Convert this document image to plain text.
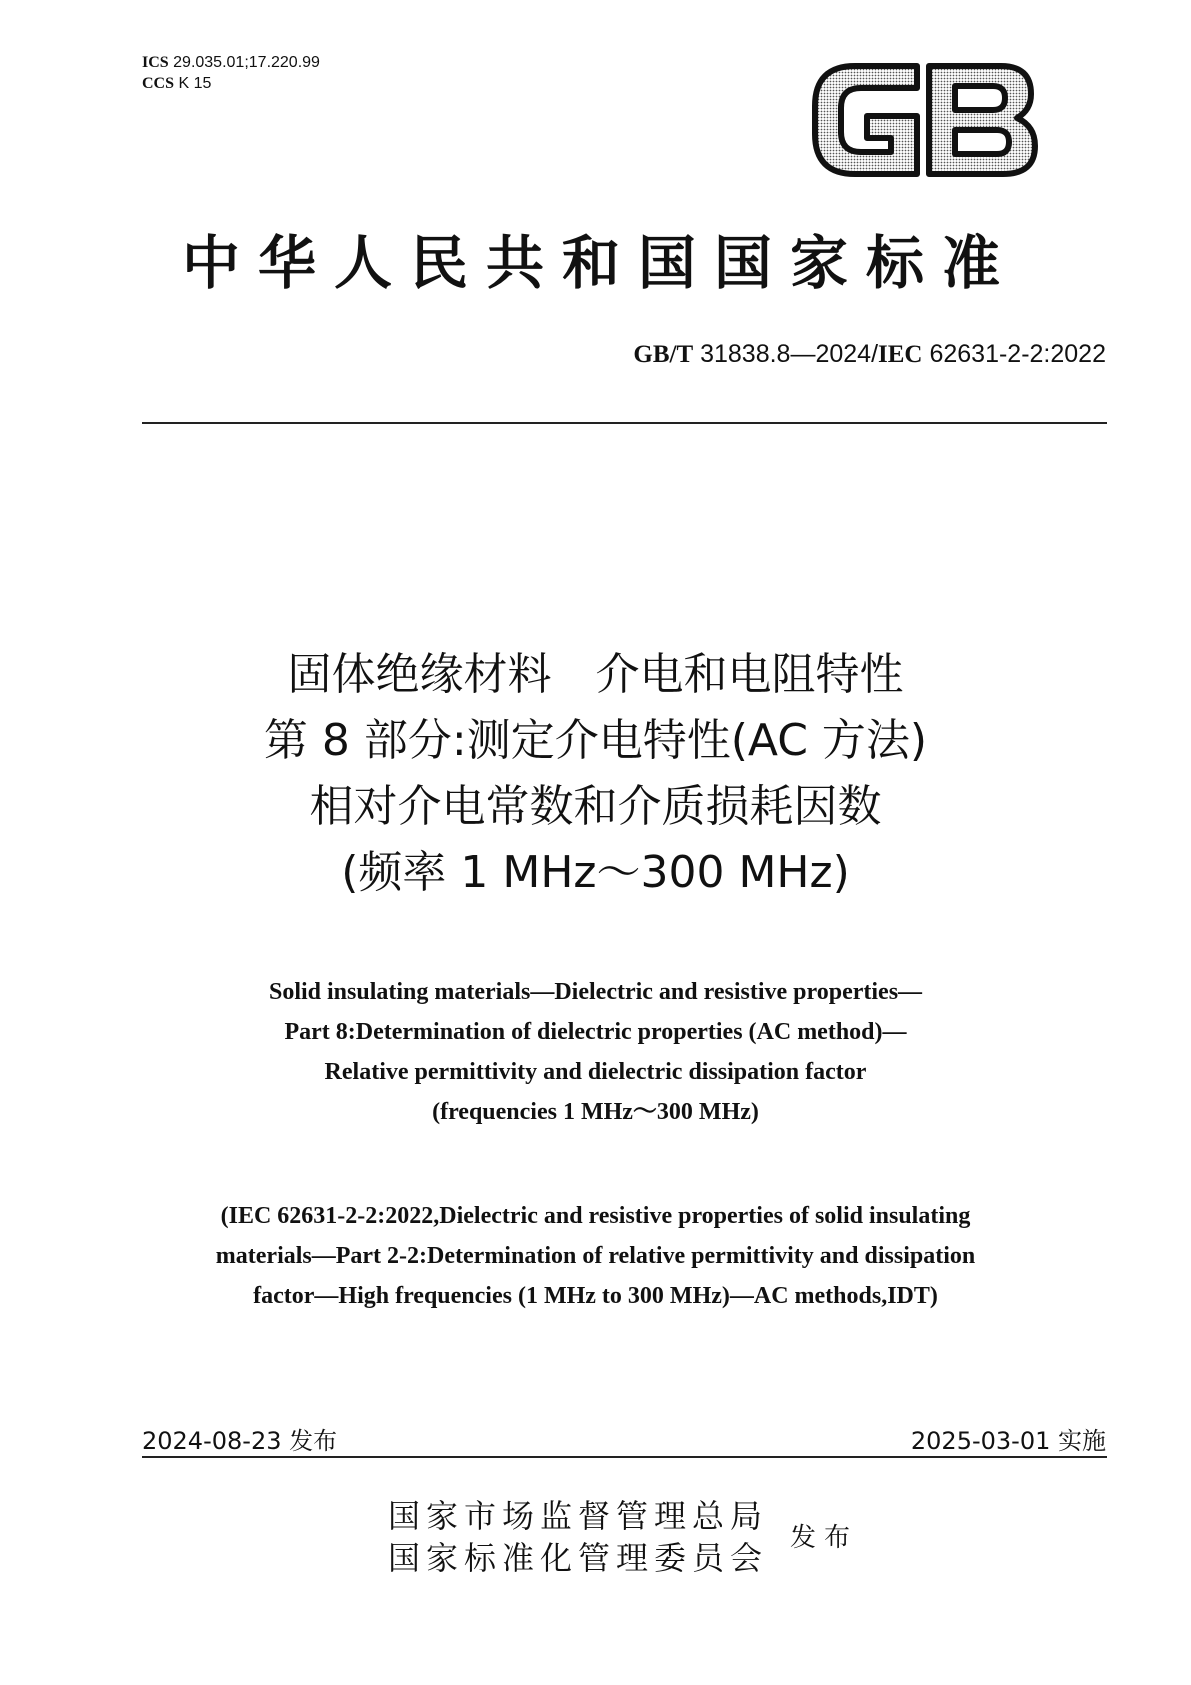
ICS 29.035.01;17.220.99
CCS K 15
中华人民共和国国家标准
GB/T 31838.8—2024/IEC 62631-2-2:2022
固体绝缘材料　介电和电阻特性
第 8 部分:测定介电特性(AC 方法)
相对介电常数和介质损耗因数
(频率 1 MHz～300 MHz)
Solid insulating materials—Dielectric and resistive properties—
Part 8:Determination of dielectric properties (AC method)—
Relative permittivity and dielectric dissipation factor
(frequencies 1 MHz～300 MHz)
(IEC 62631-2-2:2022,Dielectric and resistive properties of solid insulating
materials—Part 2-2:Determination of relative permittivity and dissipation
factor—High frequencies (1 MHz to 300 MHz)—AC methods,IDT)
2024-08-23 发布	2025-03-01 实施
国家市场监督管理总局
国家标准化管理委员会
发布
